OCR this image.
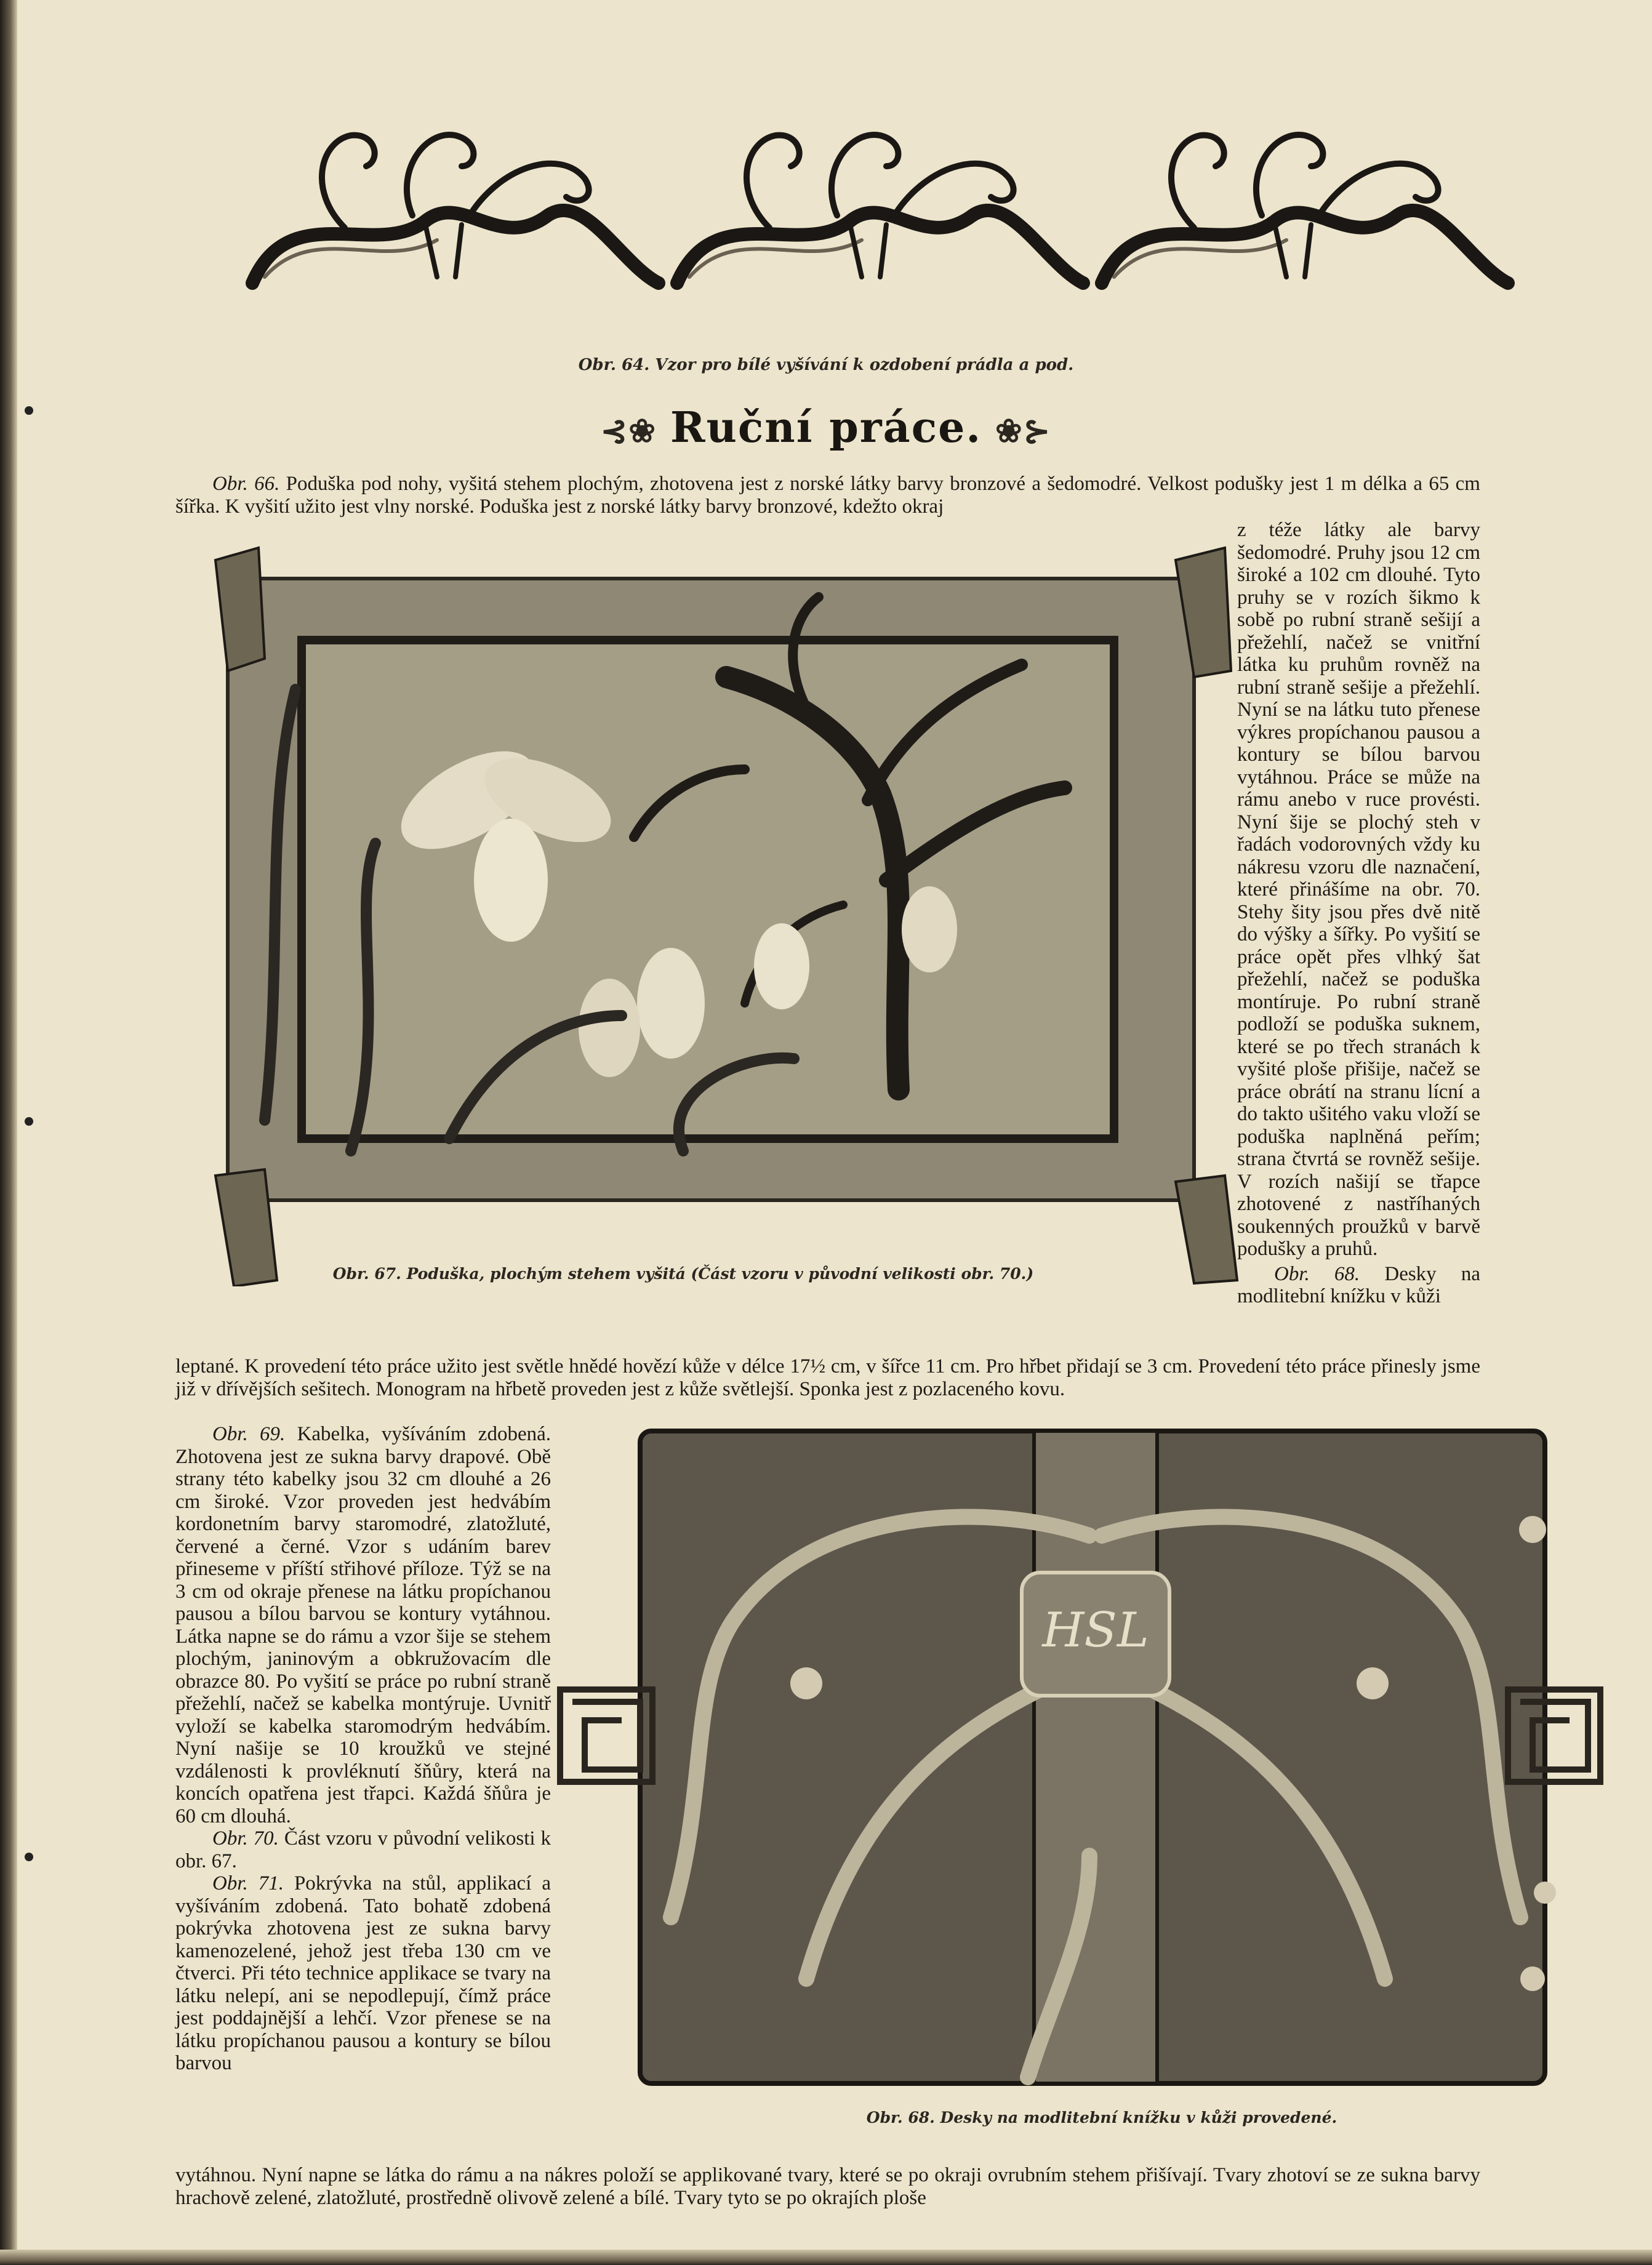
Obr. 64. Vzor pro bílé vyšívání k ozdobení prádla a pod.
⊰❀ Ruční práce. ❀⊱

Obr. 66. Poduška pod nohy, vyšitá stehem plochým, zhotovena jest z norské látky barvy bronzové a šedomodré. Velkost podušky jest 1 m délka a 65 cm šířka. K vyšití užito jest vlny norské. Poduška jest z norské látky barvy bronzové, kdežto okraj

Obr. 67. Poduška, plochým stehem vyšitá (Část vzoru v původní velikosti obr. 70.)

z téže látky ale barvy šedomodré. Pruhy jsou 12 cm široké a 102 cm dlouhé. Tyto pruhy se v rozích šikmo k sobě po rubní straně sešijí a přežehlí, načež se vnitřní látka ku pruhům rovněž na rubní straně sešije a přežehlí. Nyní se na látku tuto přenese výkres propíchanou pausou a kontury se bílou barvou vytáhnou. Práce se může na rámu anebo v ruce provésti. Nyní šije se plochý steh v řadách vodorovných vždy ku nákresu vzoru dle naznačení, které přinášíme na obr. 70. Stehy šity jsou přes dvě nitě do výšky a šířky. Po vyšití se práce opět přes vlhký šat přežehlí, načež se poduška montíruje. Po rubní straně podloží se poduška suknem, které se po třech stranách k vyšité ploše přišije, načež se práce obrátí na stranu lícní a do takto ušitého vaku vloží se poduška naplněná peřím; strana čtvrtá se rovněž sešije. V rozích našijí se třapce zhotovené z nastříhaných soukenných proužků v barvě podušky a pruhů.

Obr. 68. Desky na modlitební knížku v kůži

leptané. K provedení této práce užito jest světle hnědé hovězí kůže v délce 17½ cm, v šířce 11 cm. Pro hřbet přidají se 3 cm. Provedení této práce přinesly jsme již v dřívějších sešitech. Monogram na hřbetě proveden jest z kůže světlejší. Sponka jest z pozlaceného kovu.

Obr. 69. Kabelka, vyšíváním zdobená. Zhotovena jest ze sukna barvy drapové. Obě strany této kabelky jsou 32 cm dlouhé a 26 cm široké. Vzor proveden jest hedvábím kordonetním barvy staromodré, zlatožluté, červené a černé. Vzor s udáním barev přineseme v příští střihové příloze. Týž se na 3 cm od okraje přenese na látku propíchanou pausou a bílou barvou se kontury vytáhnou. Látka napne se do rámu a vzor šije se stehem plochým, janinovým a obkružovacím dle obrazce 80. Po vyšití se práce po rubní straně přežehlí, načež se kabelka montýruje. Uvnitř vyloží se kabelka staromodrým hedvábím. Nyní našije se 10 kroužků ve stejné vzdálenosti k provléknutí šňůry, která na koncích opatřena jest třapci. Každá šňůra je 60 cm dlouhá.

Obr. 70. Část vzoru v původní velikosti k obr. 67.

Obr. 71. Pokrývka na stůl, applikací a vyšíváním zdobená. Tato bohatě zdobená pokrývka zhotovena jest ze sukna barvy kamenozelené, jehož jest třeba 130 cm ve čtverci. Při této technice applikace se tvary na látku nelepí, ani se nepodlepují, čímž práce jest poddajnější a lehčí. Vzor přenese se na látku propíchanou pausou a kontury se bílou barvou

HSL
Obr. 68. Desky na modlitební knížku v kůži provedené.

vytáhnou. Nyní napne se látka do rámu a na nákres položí se applikované tvary, které se po okraji ovrubním stehem přišívají. Tvary zhotoví se ze sukna barvy hrachově zelené, zlatožluté, prostředně olivově zelené a bílé. Tvary tyto se po okrajích ploše
